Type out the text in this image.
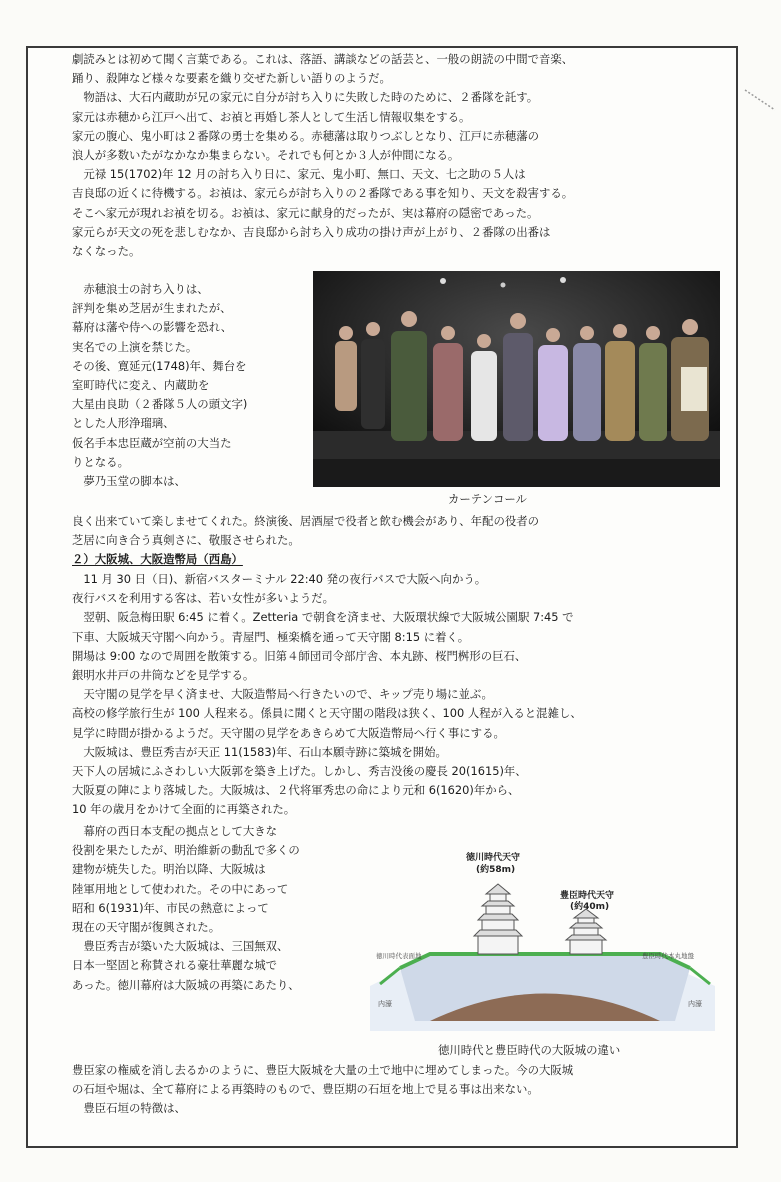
劇読みとは初めて聞く言葉である。これは、落語、講談などの話芸と、一般の朗読の中間で音楽、
踊り、殺陣など様々な要素を織り交ぜた新しい語りのようだ。
　物語は、大石内蔵助が兄の家元に自分が討ち入りに失敗した時のために、２番隊を託す。
家元は赤穂から江戸へ出て、お禎と再婚し茶人として生活し情報収集をする。
家元の腹心、鬼小町は２番隊の勇士を集める。赤穂藩は取りつぶしとなり、江戸に赤穂藩の
浪人が多数いたがなかなか集まらない。それでも何とか３人が仲間になる。
　元禄 15(1702)年 12 月の討ち入り日に、家元、鬼小町、無口、天文、七之助の５人は
吉良邸の近くに待機する。お禎は、家元らが討ち入りの２番隊である事を知り、天文を殺害する。
そこへ家元が現れお禎を切る。お禎は、家元に献身的だったが、実は幕府の隠密であった。
家元らが天文の死を悲しむなか、吉良邸から討ち入り成功の掛け声が上がり、２番隊の出番は
なくなった。
　赤穂浪士の討ち入りは、
評判を集め芝居が生まれたが、
幕府は藩や侍への影響を恐れ、
実名での上演を禁じた。
その後、寛延元(1748)年、舞台を
室町時代に変え、内蔵助を
大星由良助（２番隊５人の頭文字)
とした人形浄瑠璃、
仮名手本忠臣蔵が空前の大当た
りとなる。
　夢乃玉堂の脚本は、
カーテンコール
良く出来ていて楽しませてくれた。終演後、居酒屋で役者と飲む機会があり、年配の役者の
芝居に向き合う真剣さに、敬服させられた。
２）大阪城、大阪造幣局（西島）
　11 月 30 日（日)、新宿バスターミナル 22:40 発の夜行バスで大阪へ向かう。
夜行バスを利用する客は、若い女性が多いようだ。
　翌朝、阪急梅田駅 6:45 に着く。Zetteria で朝食を済ませ、大阪環状線で大阪城公園駅 7:45 で
下車、大阪城天守閣へ向かう。青屋門、極楽橋を通って天守閣 8:15 に着く。
開場は 9:00 なので周囲を散策する。旧第４師団司令部庁舎、本丸跡、桜門桝形の巨石、
銀明水井戸の井筒などを見学する。
　天守閣の見学を早く済ませ、大阪造幣局へ行きたいので、キップ売り場に並ぶ。
高校の修学旅行生が 100 人程来る。係員に聞くと天守閣の階段は狭く、100 人程が入ると混雑し、
見学に時間が掛かるようだ。天守閣の見学をあきらめて大阪造幣局へ行く事にする。
　大阪城は、豊臣秀吉が天正 11(1583)年、石山本願寺跡に築城を開始。
天下人の居城にふさわしい大阪郭を築き上げた。しかし、秀吉没後の慶長 20(1615)年、
大阪夏の陣により落城した。大阪城は、２代将軍秀忠の命により元和 6(1620)年から、
10 年の歳月をかけて全面的に再築された。
　幕府の西日本支配の拠点として大きな
役割を果たしたが、明治維新の動乱で多くの
建物が焼失した。明治以降、大阪城は
陸軍用地として使われた。その中にあって
昭和 6(1931)年、市民の熱意によって
現在の天守閣が復興された。
　豊臣秀吉が築いた大阪城は、三国無双、
日本一堅固と称賛される豪壮華麗な城で
あった。徳川幕府は大阪城の再築にあたり、
徳川時代天守
(約58m)
豊臣時代天守
(約40m)
徳川時代表面地	豊臣時代本丸地盤
内濠	内濠
徳川時代と豊臣時代の大阪城の違い
豊臣家の権威を消し去るかのように、豊臣大阪城を大量の土で地中に埋めてしまった。今の大阪城
の石垣や堀は、全て幕府による再築時のもので、豊臣期の石垣を地上で見る事は出来ない。
　豊臣石垣の特徴は、
